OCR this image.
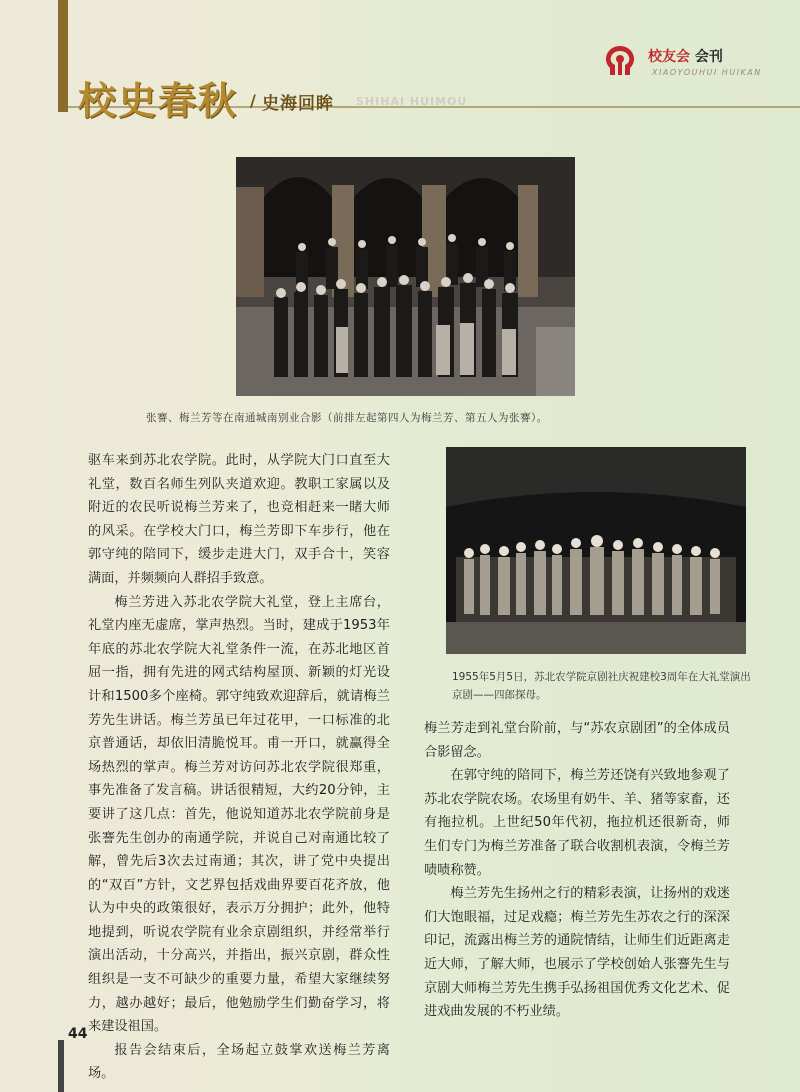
校史春秋 / 史海回眸 SHIHAI HUIMOU
校友会 会刊
XIAOYOUHUI HUIKAN

张謇、梅兰芳等在南通城南别业合影（前排左起第四人为梅兰芳、第五人为张謇）。

1955年5月5日，苏北农学院京剧社庆祝建校3周年在大礼堂演出京剧——四郎探母。

驱车来到苏北农学院。此时，从学院大门口直至大礼堂，数百名师生列队夹道欢迎。教职工家属以及附近的农民听说梅兰芳来了，也竞相赶来一睹大师的风采。在学校大门口，梅兰芳即下车步行，他在郭守纯的陪同下，缓步走进大门，双手合十，笑容满面，并频频向人群招手致意。

梅兰芳进入苏北农学院大礼堂，登上主席台，礼堂内座无虚席，掌声热烈。当时，建成于1953年年底的苏北农学院大礼堂条件一流，在苏北地区首屈一指，拥有先进的网式结构屋顶、新颖的灯光设计和1500多个座椅。郭守纯致欢迎辞后，就请梅兰芳先生讲话。梅兰芳虽已年过花甲，一口标准的北京普通话，却依旧清脆悦耳。甫一开口，就赢得全场热烈的掌声。梅兰芳对访问苏北农学院很郑重，事先准备了发言稿。讲话很精短，大约20分钟，主要讲了这几点：首先，他说知道苏北农学院前身是张謇先生创办的南通学院，并说自己对南通比较了解，曾先后3次去过南通；其次，讲了党中央提出的“双百”方针，文艺界包括戏曲界要百花齐放，他认为中央的政策很好，表示万分拥护；此外，他特地提到，听说农学院有业余京剧组织，并经常举行演出活动，十分高兴，并指出，振兴京剧，群众性组织是一支不可缺少的重要力量，希望大家继续努力，越办越好；最后，他勉励学生们勤奋学习，将来建设祖国。

报告会结束后，全场起立鼓掌欢送梅兰芳离场。

梅兰芳走到礼堂台阶前，与“苏农京剧团”的全体成员合影留念。

在郭守纯的陪同下，梅兰芳还饶有兴致地参观了苏北农学院农场。农场里有奶牛、羊、猪等家畜，还有拖拉机。上世纪50年代初，拖拉机还很新奇，师生们专门为梅兰芳准备了联合收割机表演，令梅兰芳啧啧称赞。

梅兰芳先生扬州之行的精彩表演，让扬州的戏迷们大饱眼福，过足戏瘾；梅兰芳先生苏农之行的深深印记，流露出梅兰芳的通院情结，让师生们近距离走近大师，了解大师，也展示了学校创始人张謇先生与京剧大师梅兰芳先生携手弘扬祖国优秀文化艺术、促进戏曲发展的不朽业绩。

44
